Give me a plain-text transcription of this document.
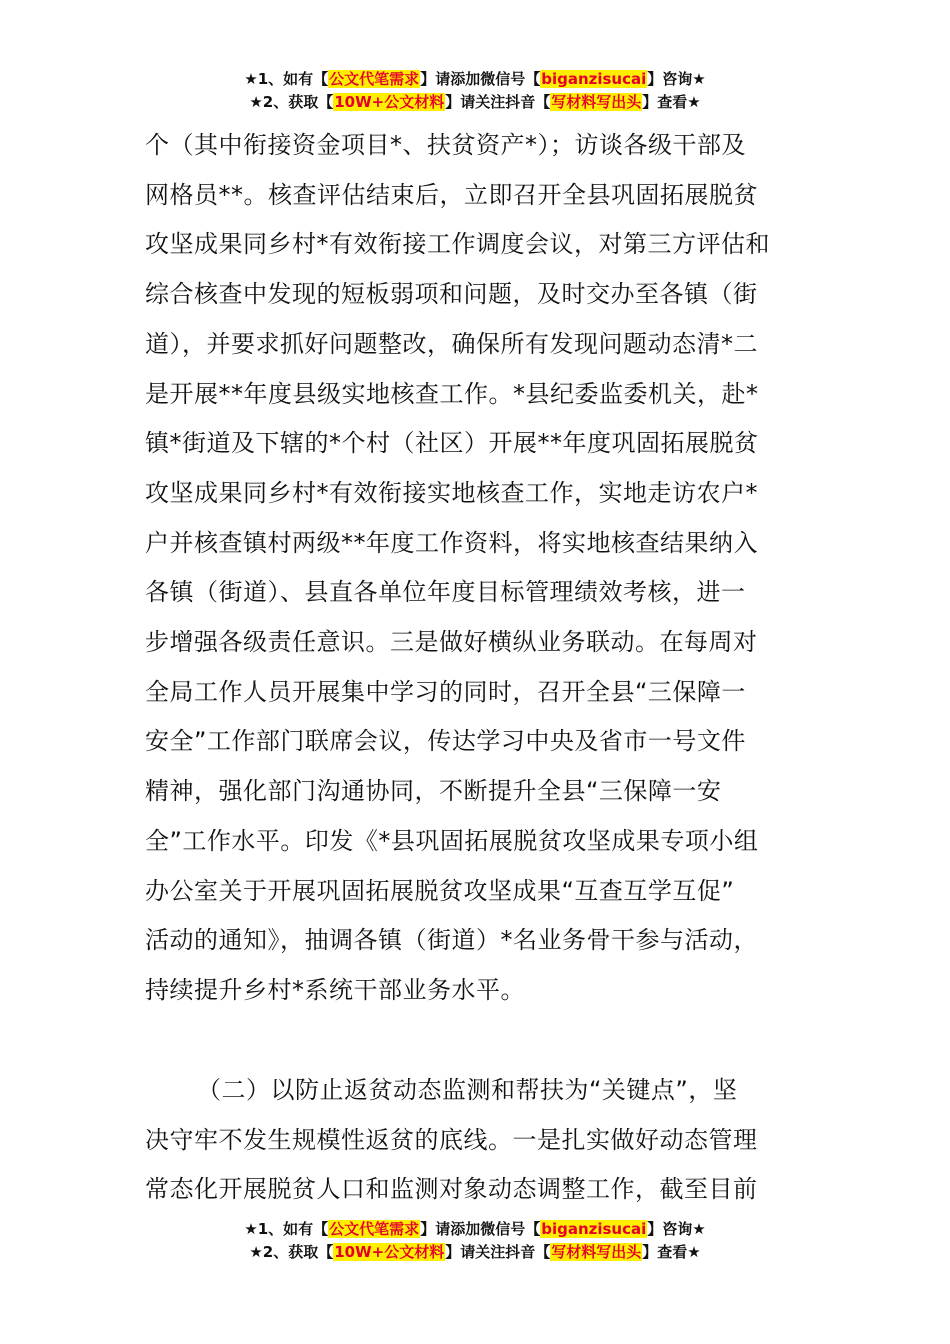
★1、如有【公文代笔需求】请添加微信号【biganzisucai】咨询★
★2、获取【10W+公文材料】请关注抖音【写材料写出头】查看★
个（其中衔接资金项目*、扶贫资产*）；访谈各级干部及
网格员**。核查评估结束后，立即召开全县巩固拓展脱贫
攻坚成果同乡村*有效衔接工作调度会议，对第三方评估和
综合核查中发现的短板弱项和问题，及时交办至各镇（街
道），并要求抓好问题整改，确保所有发现问题动态清*二
是开展**年度县级实地核查工作。*县纪委监委机关，赴*
镇*街道及下辖的*个村（社区）开展**年度巩固拓展脱贫
攻坚成果同乡村*有效衔接实地核查工作，实地走访农户*
户并核查镇村两级**年度工作资料，将实地核查结果纳入
各镇（街道）、县直各单位年度目标管理绩效考核，进一
步增强各级责任意识。三是做好横纵业务联动。在每周对
全局工作人员开展集中学习的同时，召开全县“三保障一
安全”工作部门联席会议，传达学习中央及省市一号文件
精神，强化部门沟通协同，不断提升全县“三保障一安
全”工作水平。印发《*县巩固拓展脱贫攻坚成果专项小组
办公室关于开展巩固拓展脱贫攻坚成果“互查互学互促”
活动的通知》，抽调各镇（街道）*名业务骨干参与活动，
持续提升乡村*系统干部业务水平。
（二）以防止返贫动态监测和帮扶为“关键点”，坚
决守牢不发生规模性返贫的底线。一是扎实做好动态管理
常态化开展脱贫人口和监测对象动态调整工作，截至目前
★1、如有【公文代笔需求】请添加微信号【biganzisucai】咨询★
★2、获取【10W+公文材料】请关注抖音【写材料写出头】查看★
